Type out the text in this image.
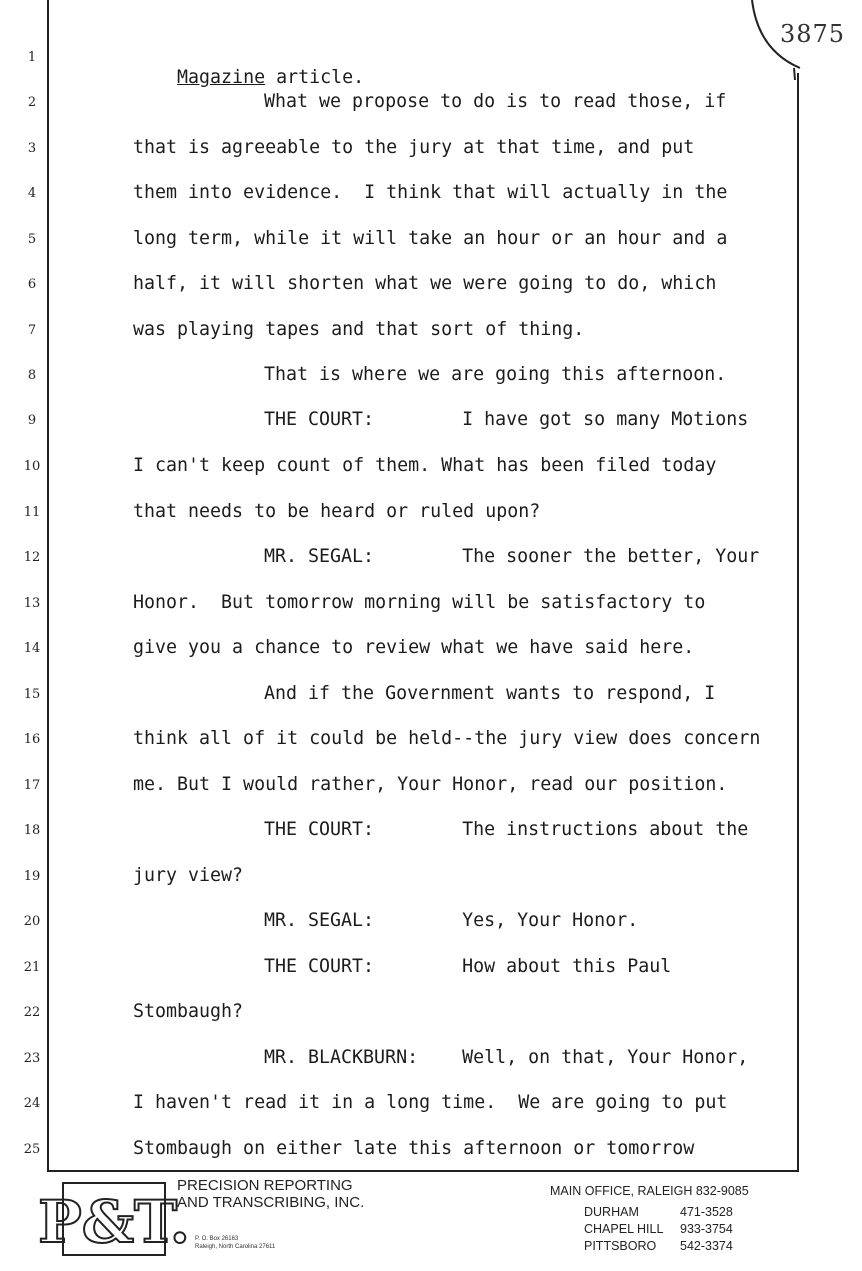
3875
1

Magazine article.

2	What we propose to do is to read those, if
3	that is agreeable to the jury at that time, and put
4	them into evidence.  I think that will actually in the
5	long term, while it will take an hour or an hour and a
6	half, it will shorten what we were going to do, which
7	was playing tapes and that sort of thing.
8	That is where we are going this afternoon.
9	THE COURT:        I have got so many Motions
10	I can't keep count of them. What has been filed today
11	that needs to be heard or ruled upon?
12	MR. SEGAL:        The sooner the better, Your
13	Honor.  But tomorrow morning will be satisfactory to
14	give you a chance to review what we have said here.
15	And if the Government wants to respond, I
16	think all of it could be held--the jury view does concern
17	me. But I would rather, Your Honor, read our position.
18	THE COURT:        The instructions about the
19	jury view?
20	MR. SEGAL:        Yes, Your Honor.
21	THE COURT:        How about this Paul
22	Stombaugh?
23	MR. BLACKBURN:    Well, on that, Your Honor,
24	I haven't read it in a long time.  We are going to put
25	Stombaugh on either late this afternoon or tomorrow
P&T.
PRECISION REPORTING
AND TRANSCRIBING, INC.
P. O. Box 26163
Raleigh, North Carolina 27611
MAIN OFFICE, RALEIGH 832-9085
DURHAM	471-3528
CHAPEL HILL	933-3754
PITTSBORO	542-3374
